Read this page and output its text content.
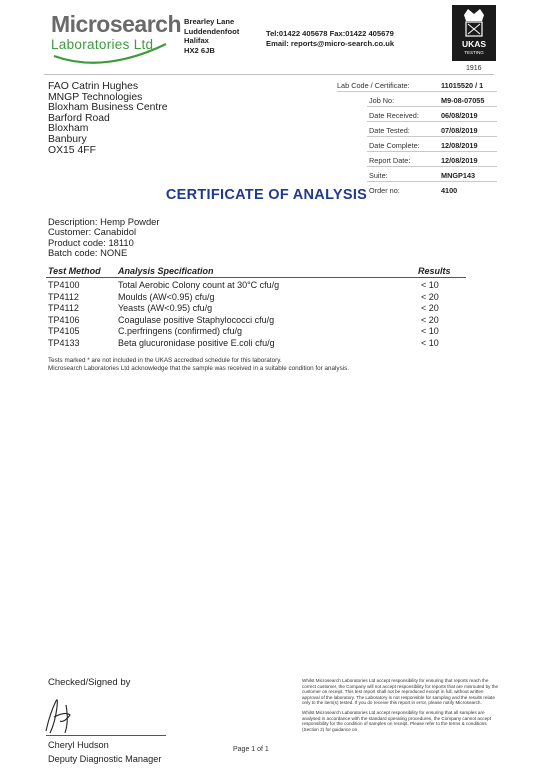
Microsearch
Laboratories Ltd
Brearley Lane
Luddendenfoot
Halifax
HX2 6JB
Tel:01422 405678 Fax:01422 405679
Email: reports@micro-search.co.uk	UKAS
TESTING
1916
FAO Catrin Hughes
MNGP Technologies
Bloxham Business Centre
Barford Road
Bloxham
Banbury
OX15 4FF
Lab Code / Certificate:	11015520 / 1
Job No:	M9-08-07055
Date Received:	06/08/2019
Date Tested:	07/08/2019
Date Complete:	12/08/2019
Report Date:	12/08/2019
Suite:	MNGP143
Order no:	4100
CERTIFICATE OF ANALYSIS
Description: Hemp Powder
Customer: Canabidol
Product code: 18110
Batch code: NONE
Test Method Analysis Specification	Results
TP4100	Total Aerobic Colony count at 30°C cfu/g	< 10
TP4112	Moulds (AW<0.95) cfu/g	< 20
TP4112	Yeasts (AW<0.95) cfu/g	< 20
TP4106	Coagulase positive Staphylococci cfu/g	< 20
TP4105	C.perfringens (confirmed) cfu/g	< 10
TP4133	Beta glucuronidase positive E.coli cfu/g	< 10
Tests marked * are not included in the UKAS accredited schedule for this laboratory.
Microsearch Laboratories Ltd acknowledge that the sample was received in a suitable condition for analysis.
Checked/Signed by
Cheryl Hudson
Deputy Diagnostic Manager
Page 1 of 1
Whilst Microsearch Laboratories Ltd accept responsibility for ensuring that reports reach the correct customer, the Company will not accept responsibility for reports that are misrouted by the customer on receipt. This test report shall not be reproduced except in full, without written approval of the laboratory. The Laboratory is not responsible for sampling and the results relate only to the item(s) tested. If you do receive this report in error, please notify Microsearch.
Whilst Microsearch Laboratories Ltd accept responsibility for ensuring that all samples are analysed in accordance with the standard operating procedures, the Company cannot accept responsibility for the condition of samples on receipt. Please refer to the terms & conditions (Section 2) for guidance on
